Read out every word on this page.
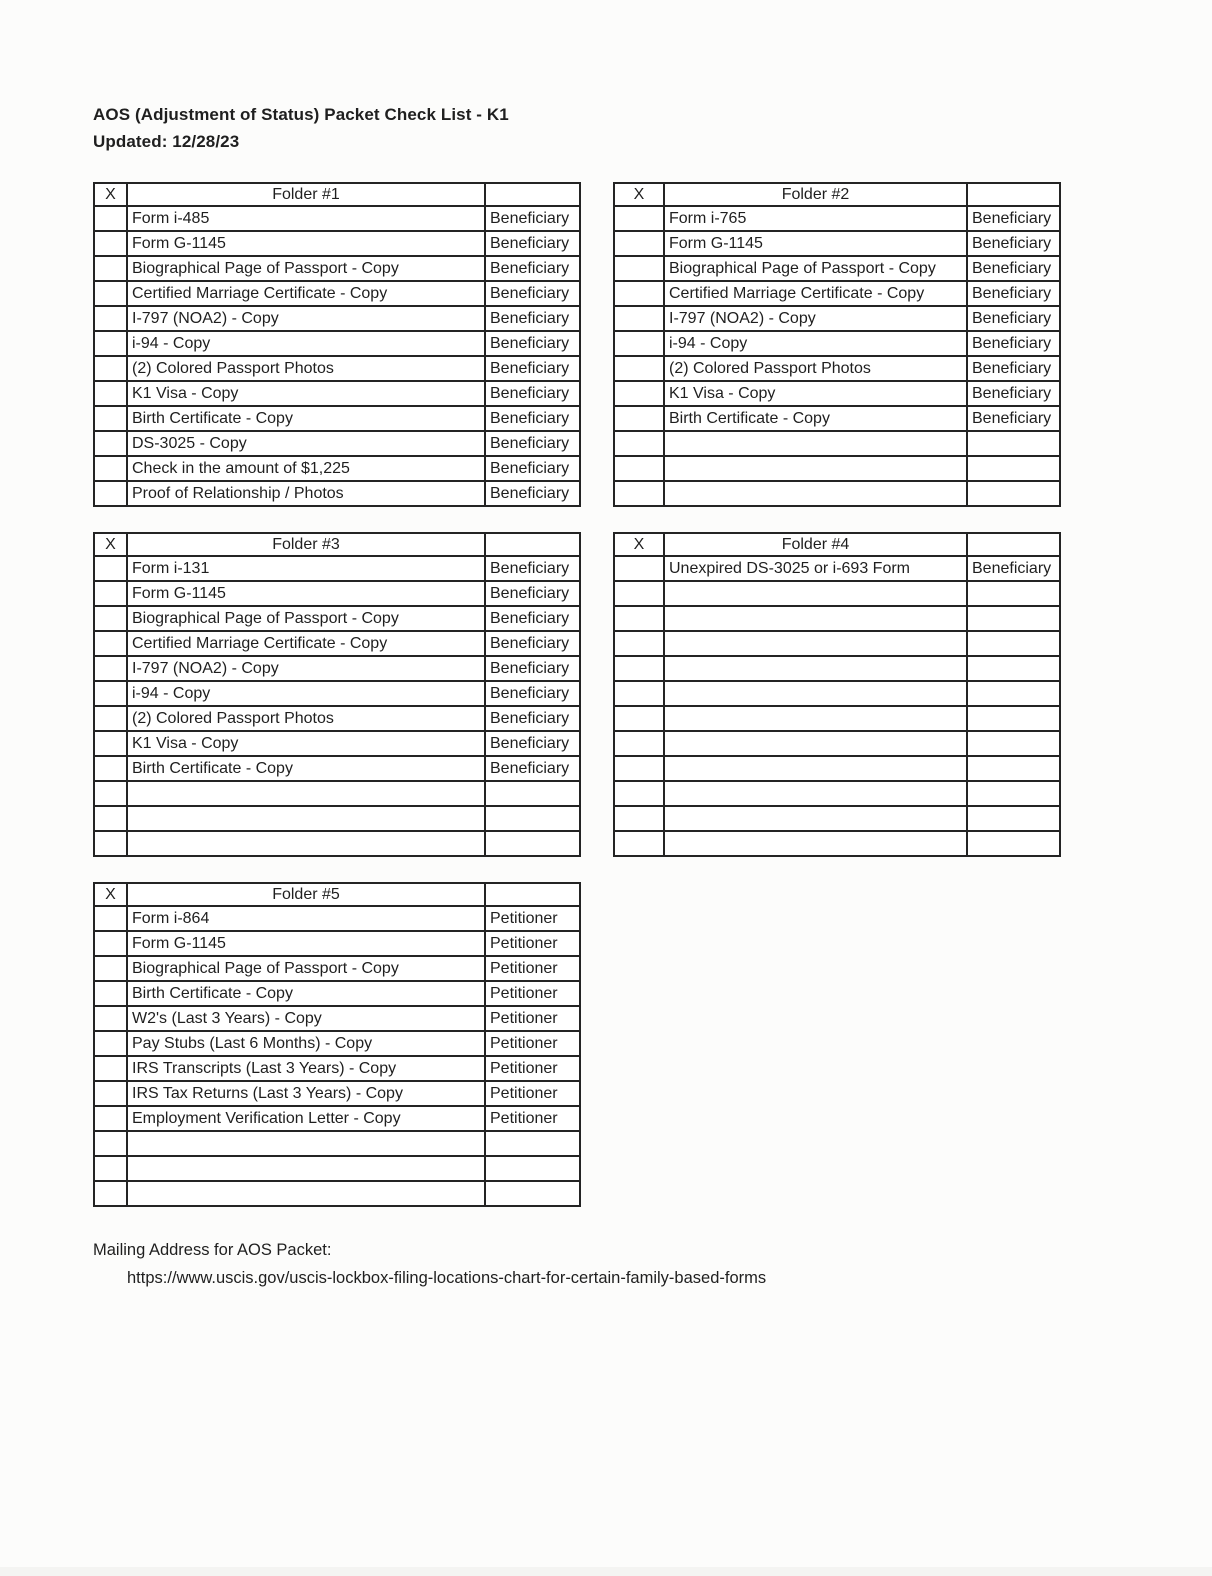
AOS (Adjustment of Status) Packet Check List - K1
Updated: 12/28/23
X	Folder #1	
	Form i-485	Beneficiary
	Form G-1145	Beneficiary
	Biographical Page of Passport - Copy	Beneficiary
	Certified Marriage Certificate - Copy	Beneficiary
	I-797 (NOA2) - Copy	Beneficiary
	i-94 - Copy	Beneficiary
	(2) Colored Passport Photos	Beneficiary
	K1 Visa - Copy	Beneficiary
	Birth Certificate - Copy	Beneficiary
	DS-3025 - Copy	Beneficiary
	Check in the amount of $1,225	Beneficiary
	Proof of Relationship / Photos	Beneficiary
X	Folder #2	
	Form i-765	Beneficiary
	Form G-1145	Beneficiary
	Biographical Page of Passport - Copy	Beneficiary
	Certified Marriage Certificate - Copy	Beneficiary
	I-797 (NOA2) - Copy	Beneficiary
	i-94 - Copy	Beneficiary
	(2) Colored Passport Photos	Beneficiary
	K1 Visa - Copy	Beneficiary
	Birth Certificate - Copy	Beneficiary

X	Folder #3	
	Form i-131	Beneficiary
	Form G-1145	Beneficiary
	Biographical Page of Passport - Copy	Beneficiary
	Certified Marriage Certificate - Copy	Beneficiary
	I-797 (NOA2) - Copy	Beneficiary
	i-94 - Copy	Beneficiary
	(2) Colored Passport Photos	Beneficiary
	K1 Visa - Copy	Beneficiary
	Birth Certificate - Copy	Beneficiary

X	Folder #4	
	Unexpired DS-3025 or i-693 Form	Beneficiary

X	Folder #5	
	Form i-864	Petitioner
	Form G-1145	Petitioner
	Biographical Page of Passport - Copy	Petitioner
	Birth Certificate - Copy	Petitioner
	W2's (Last 3 Years) - Copy	Petitioner
	Pay Stubs (Last 6 Months) - Copy	Petitioner
	IRS Transcripts (Last 3 Years) - Copy	Petitioner
	IRS Tax Returns (Last 3 Years) - Copy	Petitioner
	Employment Verification Letter - Copy	Petitioner

Mailing Address for AOS Packet:
https://www.uscis.gov/uscis-lockbox-filing-locations-chart-for-certain-family-based-forms
